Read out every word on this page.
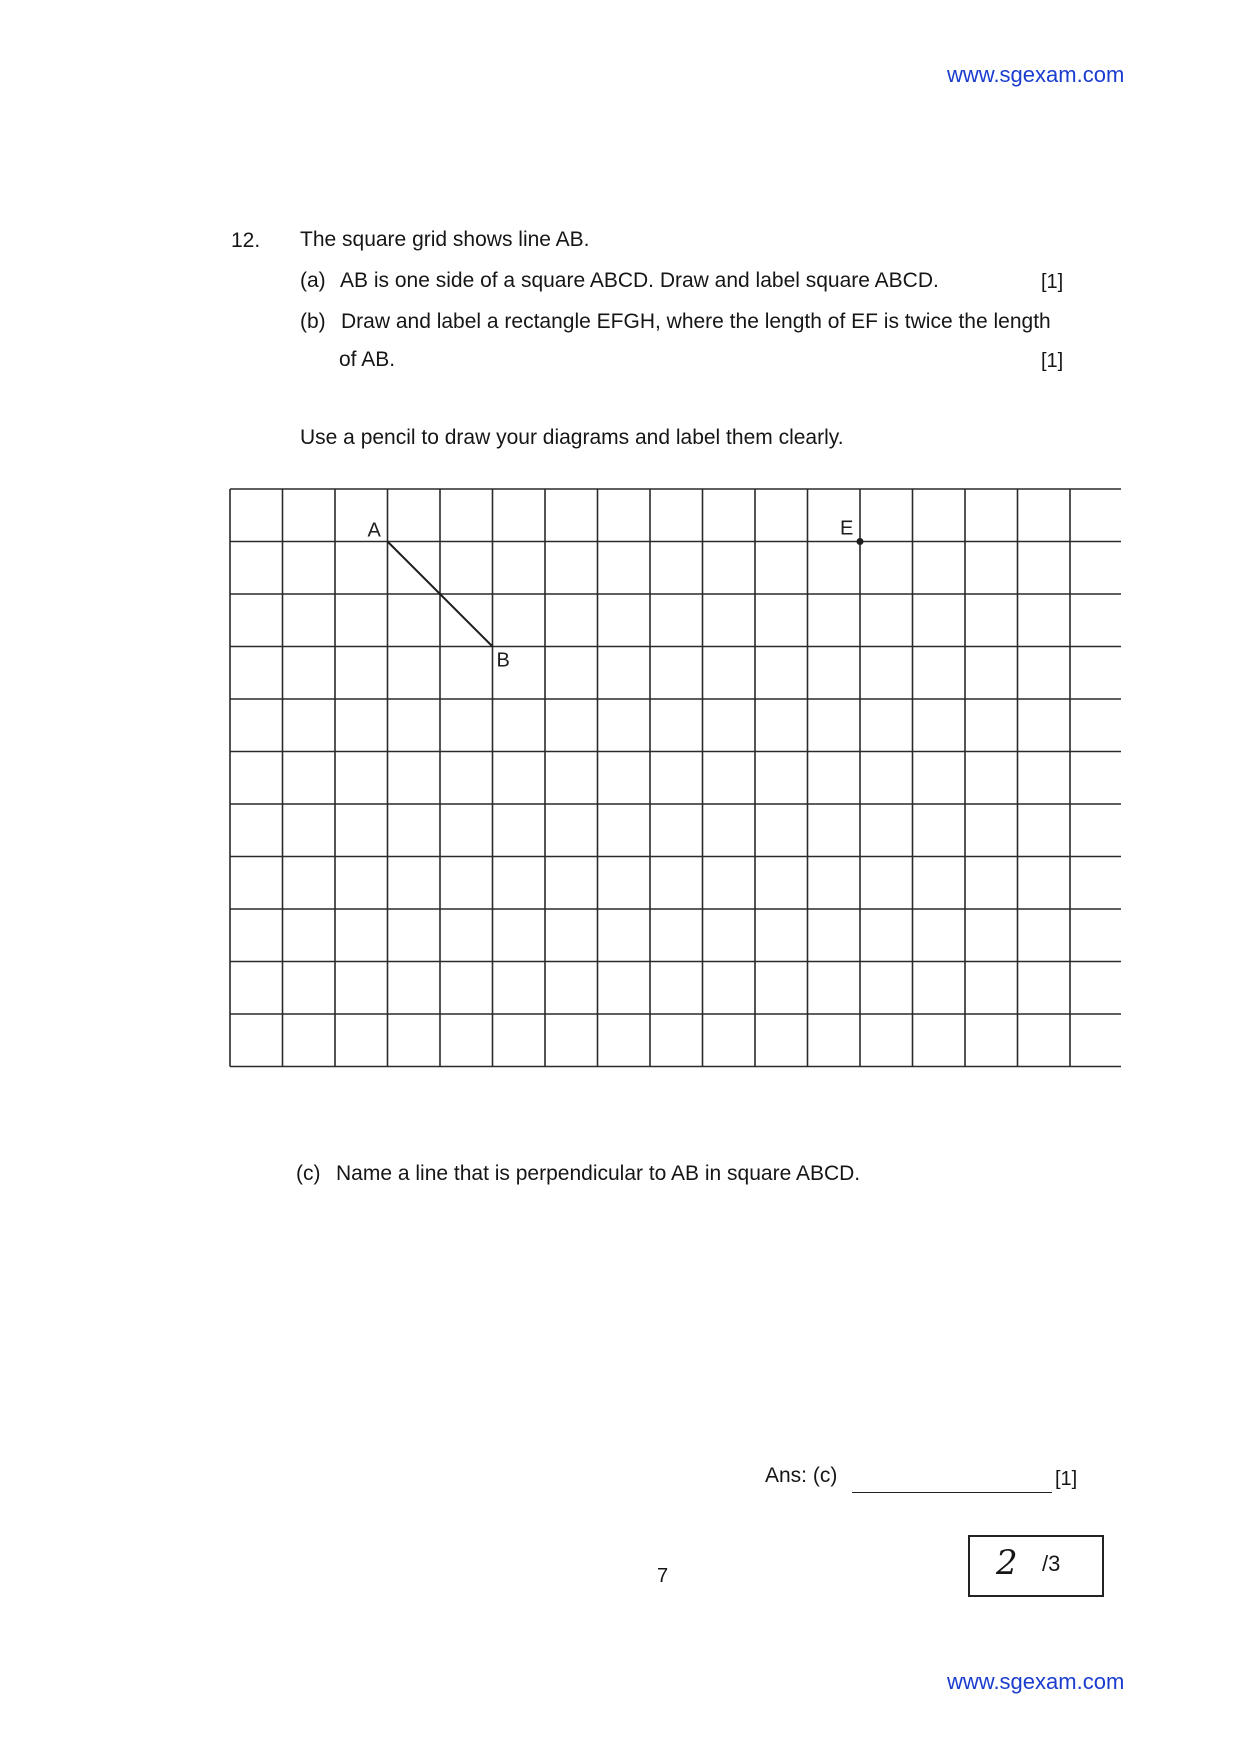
www.sgexam.com
12. The square grid shows line AB.
(a) AB is one side of a square ABCD. Draw and label square ABCD.	[1]
(b) Draw and label a rectangle EFGH, where the length of EF is twice the length
of AB.	[1]
Use a pencil to draw your diagrams and label them clearly.
A
B
E
(c) Name a line that is perpendicular to AB in square ABCD.
Ans: (c)	[1]
7	2 /3
www.sgexam.com
